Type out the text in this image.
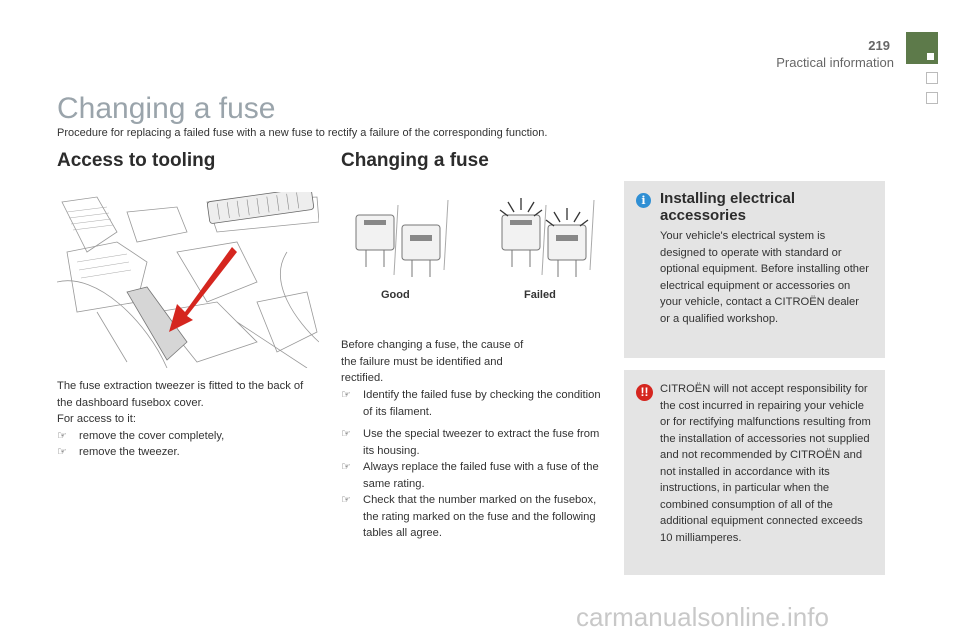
219
Practical information
Changing a fuse
Procedure for replacing a failed fuse with a new fuse to rectify a failure of the corresponding function.
Access to tooling
The fuse extraction tweezer is fitted to the back of the dashboard fusebox cover.
For access to it:
☞ remove the cover completely,
☞ remove the tweezer.
Changing a fuse
Good	Failed
Before changing a fuse, the cause of the failure must be identified and rectified.
☞ Identify the failed fuse by checking the condition of its filament.
☞ Use the special tweezer to extract the fuse from its housing.
☞ Always replace the failed fuse with a fuse of the same rating.
☞ Check that the number marked on the fusebox, the rating marked on the fuse and the following tables all agree.
i Installing electrical accessories
Your vehicle's electrical system is designed to operate with standard or optional equipment. Before installing other electrical equipment or accessories on your vehicle, contact a CITROËN dealer or a qualified workshop.
!!	CITROËN will not accept responsibility for the cost incurred in repairing your vehicle or for rectifying malfunctions resulting from the installation of accessories not supplied and not recommended by CITROËN and not installed in accordance with its instructions, in particular when the combined consumption of all of the additional equipment connected exceeds 10 milliamperes.
carmanualsonline.info
